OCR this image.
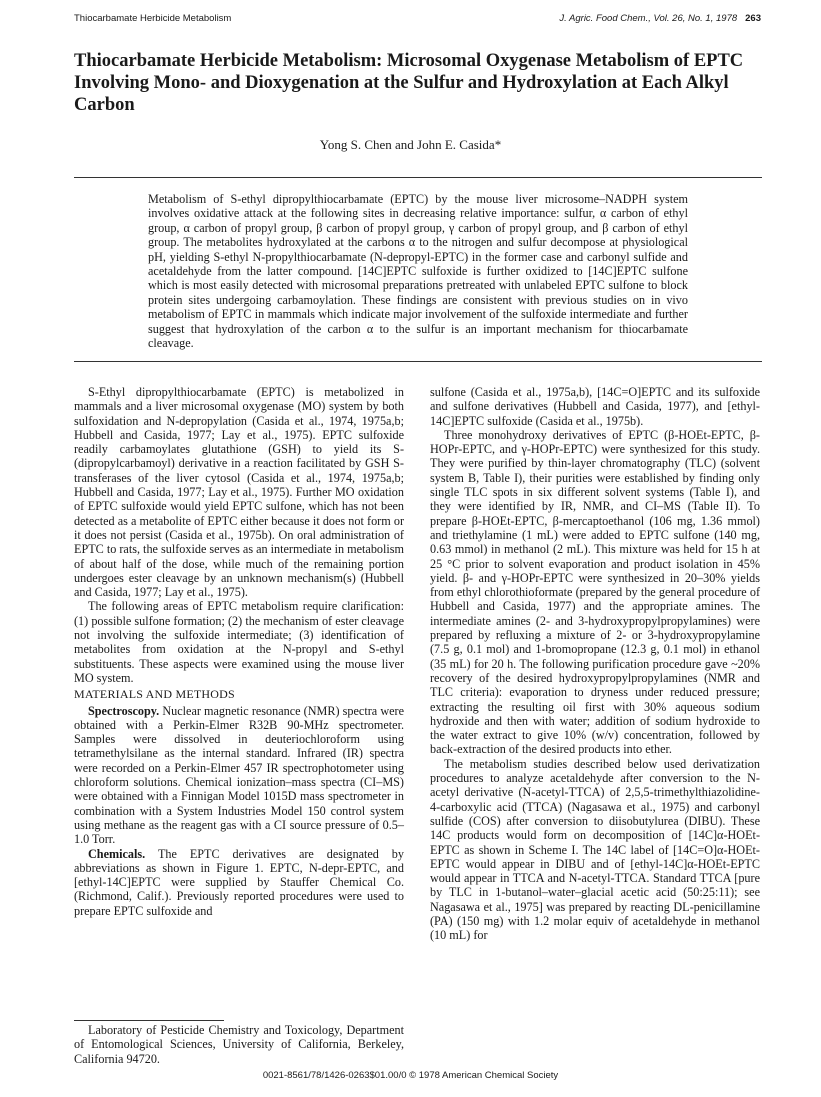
Thiocarbamate Herbicide Metabolism	J. Agric. Food Chem., Vol. 26, No. 1, 1978 263
Thiocarbamate Herbicide Metabolism: Microsomal Oxygenase Metabolism of EPTC Involving Mono- and Dioxygenation at the Sulfur and Hydroxylation at Each Alkyl Carbon
Yong S. Chen and John E. Casida*

Metabolism of S-ethyl dipropylthiocarbamate (EPTC) by the mouse liver microsome–NADPH system involves oxidative attack at the following sites in decreasing relative importance: sulfur, α carbon of ethyl group, α carbon of propyl group, β carbon of propyl group, γ carbon of propyl group, and β carbon of ethyl group. The metabolites hydroxylated at the carbons α to the nitrogen and sulfur decompose at physiological pH, yielding S-ethyl N-propylthiocarbamate (N-depropyl-EPTC) in the former case and carbonyl sulfide and acetaldehyde from the latter compound. [14C]EPTC sulfoxide is further oxidized to [14C]EPTC sulfone which is most easily detected with microsomal preparations pretreated with unlabeled EPTC sulfone to block protein sites undergoing carbamoylation. These findings are consistent with previous studies on in vivo metabolism of EPTC in mammals which indicate major involvement of the sulfoxide intermediate and further suggest that hydroxylation of the carbon α to the sulfur is an important mechanism for thiocarbamate cleavage.

S-Ethyl dipropylthiocarbamate (EPTC) is metabolized in mammals and a liver microsomal oxygenase (MO) system by both sulfoxidation and N-depropylation (Casida et al., 1974, 1975a,b; Hubbell and Casida, 1977; Lay et al., 1975). EPTC sulfoxide readily carbamoylates glutathione (GSH) to yield its S-(dipropylcarbamoyl) derivative in a reaction facilitated by GSH S-transferases of the liver cytosol (Casida et al., 1974, 1975a,b; Hubbell and Casida, 1977; Lay et al., 1975). Further MO oxidation of EPTC sulfoxide would yield EPTC sulfone, which has not been detected as a metabolite of EPTC either because it does not form or it does not persist (Casida et al., 1975b). On oral administration of EPTC to rats, the sulfoxide serves as an intermediate in metabolism of about half of the dose, while much of the remaining portion undergoes ester cleavage by an unknown mechanism(s) (Hubbell and Casida, 1977; Lay et al., 1975).

The following areas of EPTC metabolism require clarification: (1) possible sulfone formation; (2) the mechanism of ester cleavage not involving the sulfoxide intermediate; (3) identification of metabolites from oxidation at the N-propyl and S-ethyl substituents. These aspects were examined using the mouse liver MO system.

MATERIALS AND METHODS

Spectroscopy. Nuclear magnetic resonance (NMR) spectra were obtained with a Perkin-Elmer R32B 90-MHz spectrometer. Samples were dissolved in deuteriochloroform using tetramethylsilane as the internal standard. Infrared (IR) spectra were recorded on a Perkin-Elmer 457 IR spectrophotometer using chloroform solutions. Chemical ionization–mass spectra (CI–MS) were obtained with a Finnigan Model 1015D mass spectrometer in combination with a System Industries Model 150 control system using methane as the reagent gas with a CI source pressure of 0.5–1.0 Torr.

Chemicals. The EPTC derivatives are designated by abbreviations as shown in Figure 1. EPTC, N-depr-EPTC, and [ethyl-14C]EPTC were supplied by Stauffer Chemical Co. (Richmond, Calif.). Previously reported procedures were used to prepare EPTC sulfoxide and

Laboratory of Pesticide Chemistry and Toxicology, Department of Entomological Sciences, University of California, Berkeley, California 94720.

sulfone (Casida et al., 1975a,b), [14C=O]EPTC and its sulfoxide and sulfone derivatives (Hubbell and Casida, 1977), and [ethyl-14C]EPTC sulfoxide (Casida et al., 1975b).

Three monohydroxy derivatives of EPTC (β-HOEt-EPTC, β-HOPr-EPTC, and γ-HOPr-EPTC) were synthesized for this study. They were purified by thin-layer chromatography (TLC) (solvent system B, Table I), their purities were established by finding only single TLC spots in six different solvent systems (Table I), and they were identified by IR, NMR, and CI–MS (Table II). To prepare β-HOEt-EPTC, β-mercaptoethanol (106 mg, 1.36 mmol) and triethylamine (1 mL) were added to EPTC sulfone (140 mg, 0.63 mmol) in methanol (2 mL). This mixture was held for 15 h at 25 °C prior to solvent evaporation and product isolation in 45% yield. β- and γ-HOPr-EPTC were synthesized in 20–30% yields from ethyl chlorothioformate (prepared by the general procedure of Hubbell and Casida, 1977) and the appropriate amines. The intermediate amines (2- and 3-hydroxypropylpropylamines) were prepared by refluxing a mixture of 2- or 3-hydroxypropylamine (7.5 g, 0.1 mol) and 1-bromopropane (12.3 g, 0.1 mol) in ethanol (35 mL) for 20 h. The following purification procedure gave ~20% recovery of the desired hydroxypropylpropylamines (NMR and TLC criteria): evaporation to dryness under reduced pressure; extracting the resulting oil first with 30% aqueous sodium hydroxide and then with water; addition of sodium hydroxide to the water extract to give 10% (w/v) concentration, followed by back-extraction of the desired products into ether.

The metabolism studies described below used derivatization procedures to analyze acetaldehyde after conversion to the N-acetyl derivative (N-acetyl-TTCA) of 2,5,5-trimethylthiazolidine-4-carboxylic acid (TTCA) (Nagasawa et al., 1975) and carbonyl sulfide (COS) after conversion to diisobutylurea (DIBU). These 14C products would form on decomposition of [14C]α-HOEt-EPTC as shown in Scheme I. The 14C label of [14C=O]α-HOEt-EPTC would appear in DIBU and of [ethyl-14C]α-HOEt-EPTC would appear in TTCA and N-acetyl-TTCA. Standard TTCA [pure by TLC in 1-butanol–water–glacial acetic acid (50:25:11); see Nagasawa et al., 1975] was prepared by reacting DL-penicillamine (PA) (150 mg) with 1.2 molar equiv of acetaldehyde in methanol (10 mL) for

0021-8561/78/1426-0263$01.00/0 © 1978 American Chemical Society
